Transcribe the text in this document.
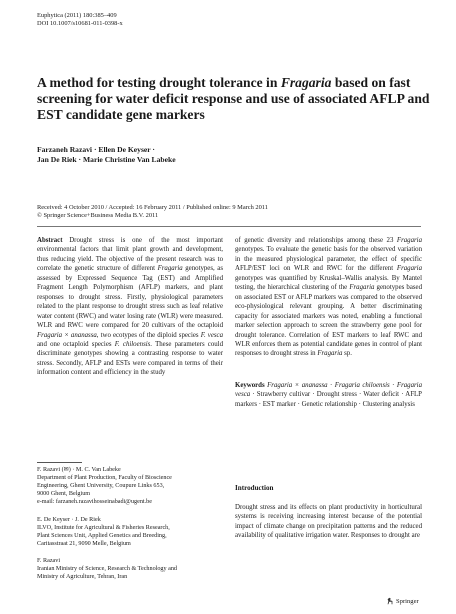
Euphytica (2011) 180:385–409
DOI 10.1007/s10681-011-0398-x
A method for testing drought tolerance in Fragaria based on fast screening for water deficit response and use of associated AFLP and EST candidate gene markers
Farzaneh Razavi · Ellen De Keyser ·
Jan De Riek · Marie Christine Van Labeke
Received: 4 October 2010 / Accepted: 16 February 2011 / Published online: 9 March 2011
© Springer Science+Business Media B.V. 2011

Abstract Drought stress is one of the most important environmental factors that limit plant growth and development, thus reducing yield. The objective of the present research was to correlate the genetic structure of different Fragaria genotypes, as assessed by Expressed Sequence Tag (EST) and Amplified Fragment Length Polymorphism (AFLP) markers, and plant responses to drought stress. Firstly, physiological parameters related to the plant response to drought stress such as leaf relative water content (RWC) and water losing rate (WLR) were measured. WLR and RWC were compared for 20 cultivars of the octaploid Fragaria × ananassa, two ecotypes of the diploid species F. vesca and one octaploid species F. chiloensis. These parameters could discriminate genotypes showing a contrasting response to water stress. Secondly, AFLP and ESTs were compared in terms of their information content and efficiency in the study

of genetic diversity and relationships among these 23 Fragaria genotypes. To evaluate the genetic basis for the observed variation in the measured physiological parameter, the effect of specific AFLP/EST loci on WLR and RWC for the different Fragaria genotypes was quantified by Kruskal–Wallis analysis. By Mantel testing, the hierarchical clustering of the Fragaria genotypes based on associated EST or AFLP markers was compared to the observed eco-physiological relevant grouping. A better discriminating capacity for associated markers was noted, enabling a functional marker selection approach to screen the strawberry gene pool for drought tolerance. Correlation of EST markers to leaf RWC and WLR enforces them as potential candidate genes in control of plant responses to drought stress in Fragaria sp.

Keywords Fragaria × ananassa · Fragaria chiloensis · Fragaria vesca · Strawberry cultivar · Drought stress · Water deficit · AFLP markers · EST marker · Genetic relationship · Clustering analysis
F. Razavi (✉) · M. C. Van Labeke
Department of Plant Production, Faculty of Bioscience
Engineering, Ghent University, Coupure Links 653,
9000 Ghent, Belgium
e-mail: farzaneh.razavihosseinabadi@ugent.be
E. De Keyser · J. De Riek
ILVO, Institute for Agricultural & Fisheries Research,
Plant Sciences Unit, Applied Genetics and Breeding,
Caritasstraat 21, 9090 Melle, Belgium
F. Razavi
Iranian Ministry of Science, Research & Technology and
Ministry of Agriculture, Tehran, Iran
Introduction
Drought stress and its effects on plant productivity in horticultural systems is receiving increasing interest because of the potential impact of climate change on precipitation patterns and the reduced availability of qualitative irrigation water. Responses to drought are
Springer
